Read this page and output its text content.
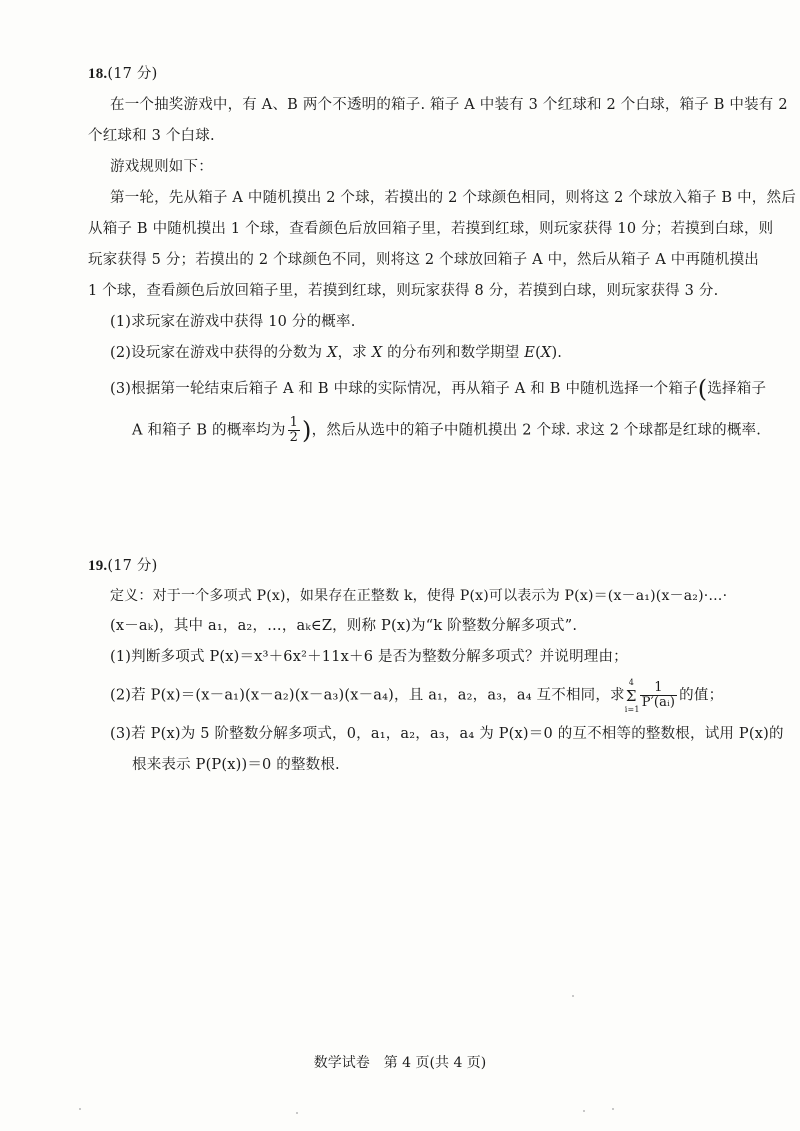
18.(17 分)
在一个抽奖游戏中，有 A、B 两个不透明的箱子. 箱子 A 中装有 3 个红球和 2 个白球，箱子 B 中装有 2
个红球和 3 个白球.
游戏规则如下：
第一轮，先从箱子 A 中随机摸出 2 个球，若摸出的 2 个球颜色相同，则将这 2 个球放入箱子 B 中，然后
从箱子 B 中随机摸出 1 个球，查看颜色后放回箱子里，若摸到红球，则玩家获得 10 分；若摸到白球，则
玩家获得 5 分；若摸出的 2 个球颜色不同，则将这 2 个球放回箱子 A 中，然后从箱子 A 中再随机摸出
1 个球，查看颜色后放回箱子里，若摸到红球，则玩家获得 8 分，若摸到白球，则玩家获得 3 分.
(1)求玩家在游戏中获得 10 分的概率.
(2)设玩家在游戏中获得的分数为 X，求 X 的分布列和数学期望 E(X).
(3)根据第一轮结束后箱子 A 和 B 中球的实际情况，再从箱子 A 和 B 中随机选择一个箱子(选择箱子
A 和箱子 B 的概率均为 $\frac{1}{2}$ )，然后从选中的箱子中随机摸出 2 个球. 求这 2 个球都是红球的概率.
19.(17 分)
定义：对于一个多项式 P(x)，如果存在正整数 k，使得 P(x)可以表示为 P(x)＝(x－a₁)(x－a₂)·…·
(x－aₖ)，其中 a₁，a₂，…，aₖ∈Z，则称 P(x)为“k 阶整数分解多项式”.
(1)判断多项式 P(x)＝x³＋6x²＋11x＋6 是否为整数分解多项式？并说明理由；
(2)若 P(x)＝(x－a₁)(x－a₂)(x－a₃)(x－a₄)，且 a₁，a₂，a₃，a₄ 互不相同，求Σ
4
$i=1 \frac{1}{\text{P′(aᵢ)}}$ 的值；
(3)若 P(x)为 5 阶整数分解多项式，0，a₁，a₂，a₃，a₄ 为 P(x)＝0 的互不相等的整数根，试用 P(x)的
根来表示 P(P(x))＝0 的整数根.
数学试卷　第 4 页(共 4 页)
